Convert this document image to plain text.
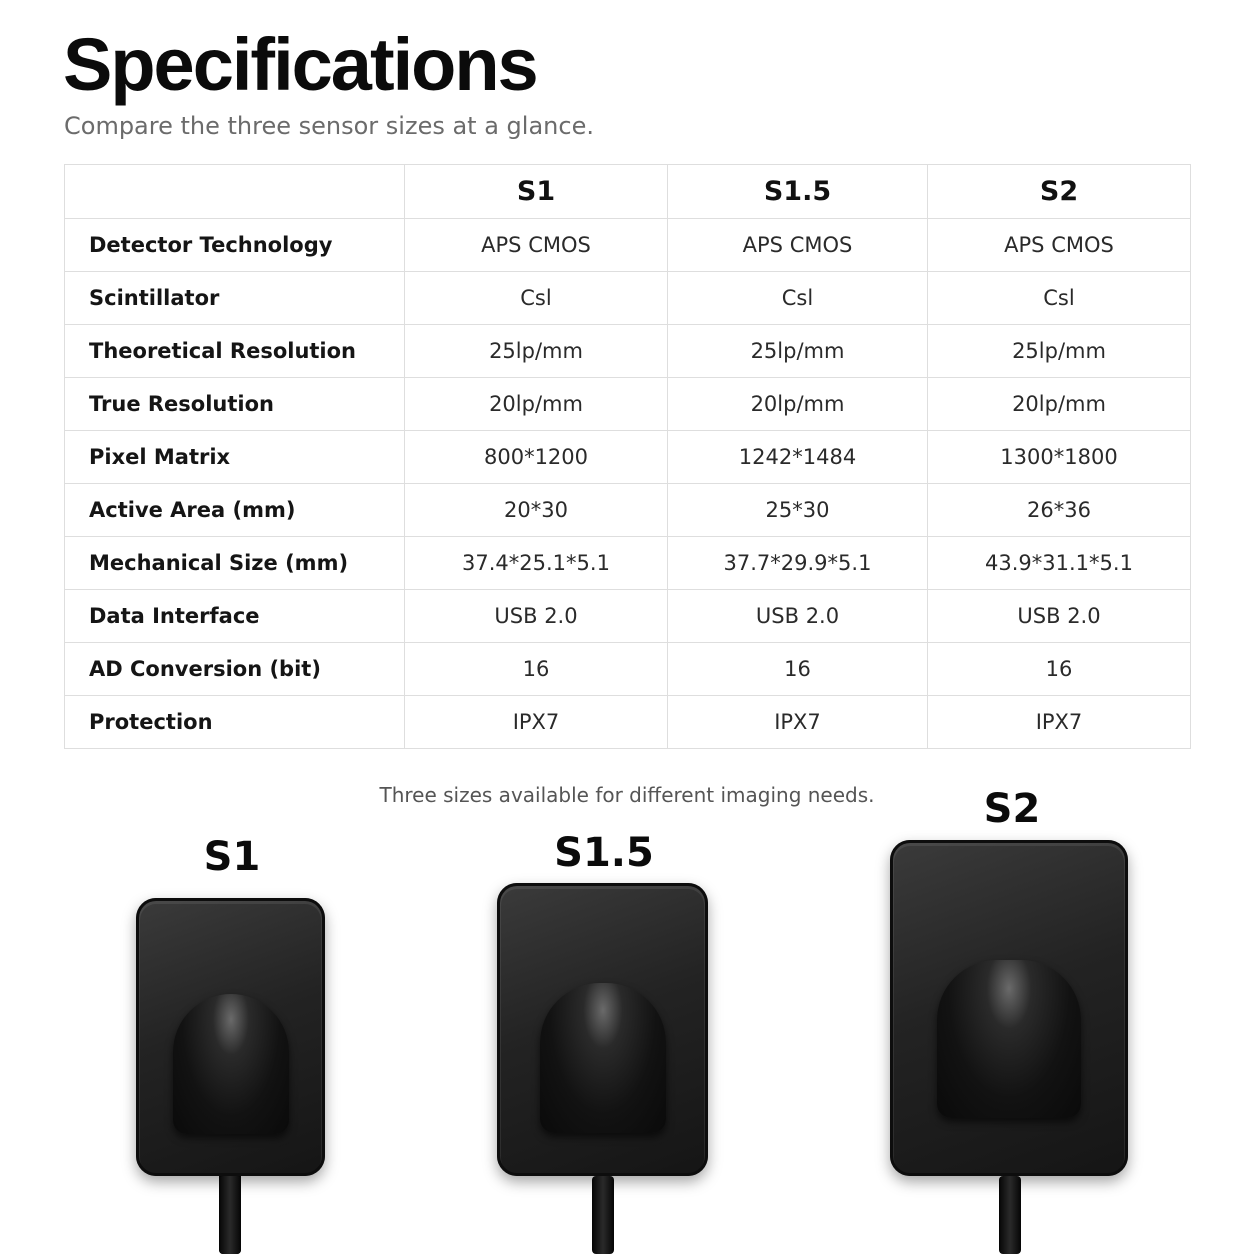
Specifications
Compare the three sensor sizes at a glance.
	S1	S1.5	S2
Detector Technology	APS CMOS	APS CMOS	APS CMOS
Scintillator	Csl	Csl	Csl
Theoretical Resolution	25lp/mm	25lp/mm	25lp/mm
True Resolution	20lp/mm	20lp/mm	20lp/mm
Pixel Matrix	800*1200	1242*1484	1300*1800
Active Area (mm)	20*30	25*30	26*36
Mechanical Size (mm)	37.4*25.1*5.1	37.7*29.9*5.1	43.9*31.1*5.1
Data Interface	USB 2.0	USB 2.0	USB 2.0
AD Conversion (bit)	16	16	16
Protection	IPX7	IPX7	IPX7
Three sizes available for different imaging needs.
S1	S1.5
S2
